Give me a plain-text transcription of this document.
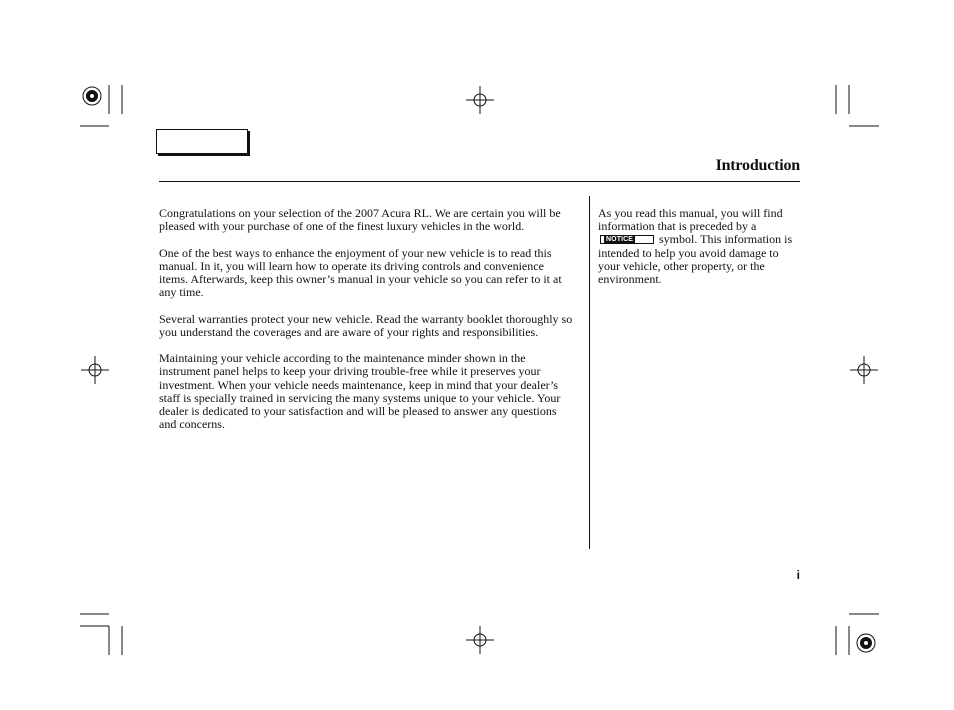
Introduction

Congratulations on your selection of the 2007 Acura RL. We are certain you will be pleased with your purchase of one of the finest luxury vehicles in the world.

One of the best ways to enhance the enjoyment of your new vehicle is to read this manual. In it, you will learn how to operate its driving controls and convenience items. Afterwards, keep this owner’s manual in your vehicle so you can refer to it at any time.

Several warranties protect your new vehicle. Read the warranty booklet thoroughly so you understand the coverages and are aware of your rights and responsibilities.

Maintaining your vehicle according to the maintenance minder shown in the instrument panel helps to keep your driving trouble-free while it preserves your investment. When your vehicle needs maintenance, keep in mind that your dealer’s staff is specially trained in servicing the many systems unique to your vehicle. Your dealer is dedicated to your satisfaction and will be pleased to answer any questions and concerns.

As you read this manual, you will find information that is preceded by a
NOTICE symbol. This information is intended to help you avoid damage to your vehicle, other property, or the environment.

i
